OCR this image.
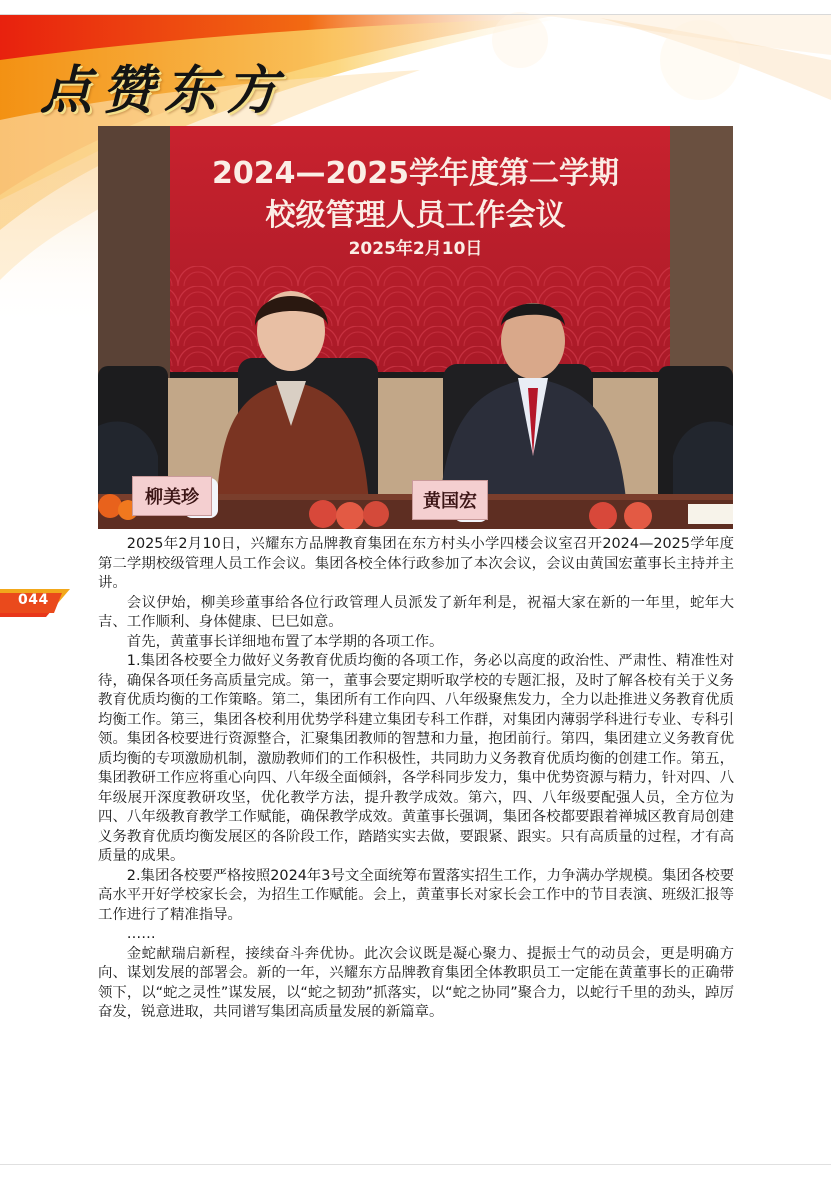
点赞东方
2024—2025学年度第二学期
校级管理人员工作会议
2025年2月10日
柳美珍	黄国宏
044

2025年2月10日，兴耀东方品牌教育集团在东方村头小学四楼会议室召开2024—2025学年度第二学期校级管理人员工作会议。集团各校全体行政参加了本次会议，会议由黄国宏董事长主持并主讲。

会议伊始，柳美珍董事给各位行政管理人员派发了新年利是，祝福大家在新的一年里，蛇年大吉、工作顺利、身体健康、巳巳如意。

首先，黄董事长详细地布置了本学期的各项工作。

1.集团各校要全力做好义务教育优质均衡的各项工作，务必以高度的政治性、严肃性、精准性对待，确保各项任务高质量完成。第一，董事会要定期听取学校的专题汇报，及时了解各校有关于义务教育优质均衡的工作策略。第二，集团所有工作向四、八年级聚焦发力，全力以赴推进义务教育优质均衡工作。第三，集团各校利用优势学科建立集团专科工作群，对集团内薄弱学科进行专业、专科引领。集团各校要进行资源整合，汇聚集团教师的智慧和力量，抱团前行。第四，集团建立义务教育优质均衡的专项激励机制，激励教师们的工作积极性，共同助力义务教育优质均衡的创建工作。第五，集团教研工作应将重心向四、八年级全面倾斜，各学科同步发力，集中优势资源与精力，针对四、八年级展开深度教研攻坚，优化教学方法，提升教学成效。第六，四、八年级要配强人员，全方位为四、八年级教育教学工作赋能，确保教学成效。黄董事长强调，集团各校都要跟着禅城区教育局创建义务教育优质均衡发展区的各阶段工作，踏踏实实去做，要跟紧、跟实。只有高质量的过程，才有高质量的成果。

2.集团各校要严格按照2024年3号文全面统筹布置落实招生工作，力争满办学规模。集团各校要高水平开好学校家长会，为招生工作赋能。会上，黄董事长对家长会工作中的节目表演、班级汇报等工作进行了精准指导。

……

金蛇献瑞启新程，接续奋斗奔优协。此次会议既是凝心聚力、提振士气的动员会，更是明确方向、谋划发展的部署会。新的一年，兴耀东方品牌教育集团全体教职员工一定能在黄董事长的正确带领下，以“蛇之灵性”谋发展，以“蛇之韧劲”抓落实，以“蛇之协同”聚合力，以蛇行千里的劲头，踔厉奋发，锐意进取，共同谱写集团高质量发展的新篇章。
